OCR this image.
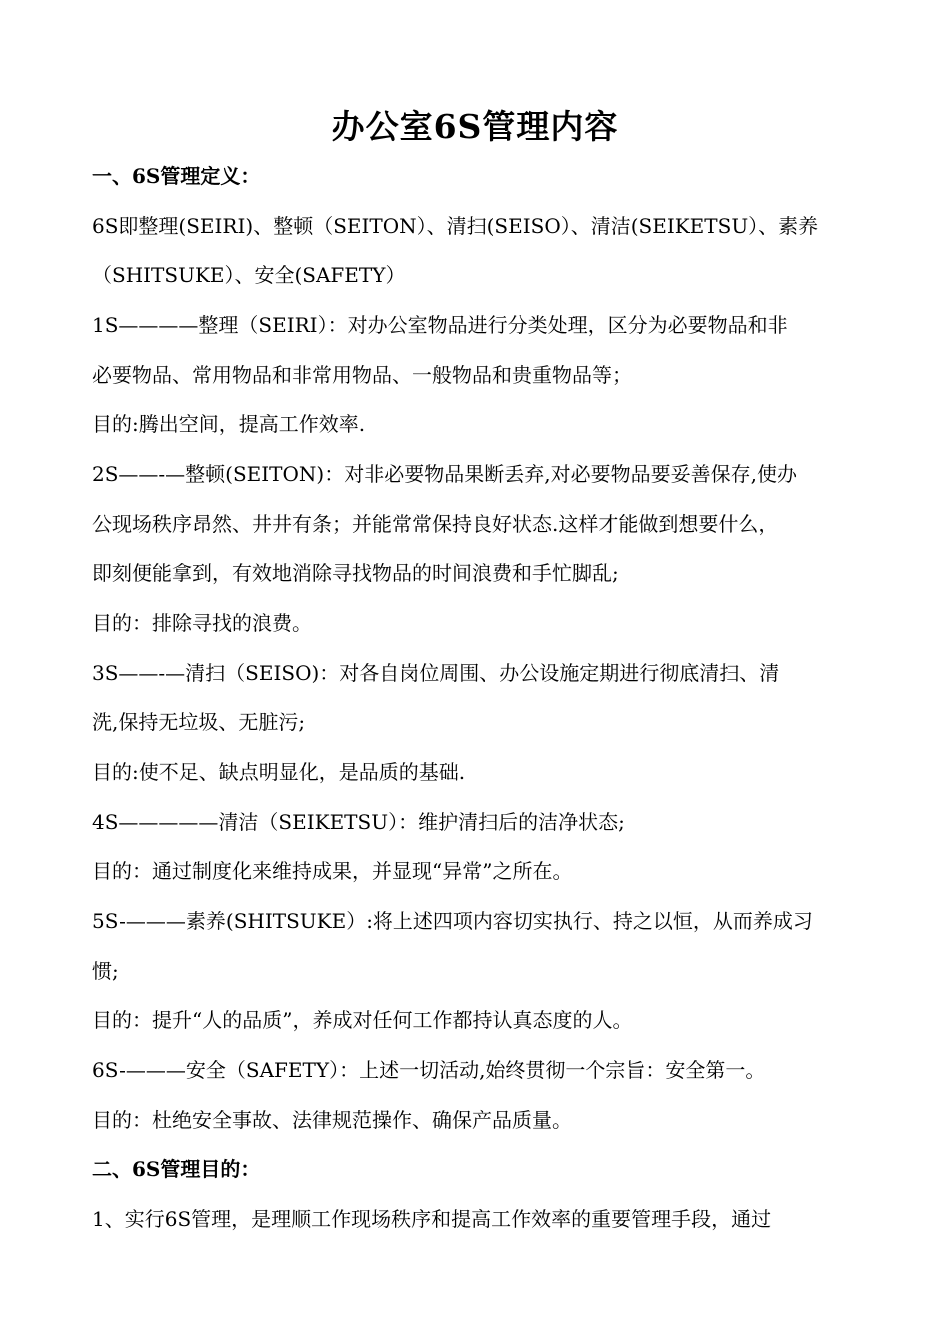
办公室6S管理内容
一、6S管理定义：
6S即整理(SEIRI)、整顿（SEITON）、清扫(SEISO）、清洁(SEIKETSU）、素养
（SHITSUKE）、安全(SAFETY）
1S————整理（SEIRI）：对办公室物品进行分类处理，区分为必要物品和非
必要物品、常用物品和非常用物品、一般物品和贵重物品等；
目的:腾出空间，提高工作效率.
2S——-—整顿(SEITON)：对非必要物品果断丢弃,对必要物品要妥善保存,使办
公现场秩序昂然、井井有条；并能常常保持良好状态.这样才能做到想要什么，
即刻便能拿到，有效地消除寻找物品的时间浪费和手忙脚乱;
目的：排除寻找的浪费。
3S——-—清扫（SEISO)：对各自岗位周围、办公设施定期进行彻底清扫、清
洗,保持无垃圾、无脏污;
目的:使不足、缺点明显化，是品质的基础.
4S—————清洁（SEIKETSU）：维护清扫后的洁净状态;
目的：通过制度化来维持成果，并显现“异常”之所在。
5S-———素养(SHITSUKE）:将上述四项内容切实执行、持之以恒，从而养成习
惯;
目的：提升“人的品质”，养成对任何工作都持认真态度的人。
6S-———安全（SAFETY）：上述一切活动,始终贯彻一个宗旨：安全第一。
目的：杜绝安全事故、法律规范操作、确保产品质量。
二、6S管理目的：
1、实行6S管理，是理顺工作现场秩序和提高工作效率的重要管理手段，通过
